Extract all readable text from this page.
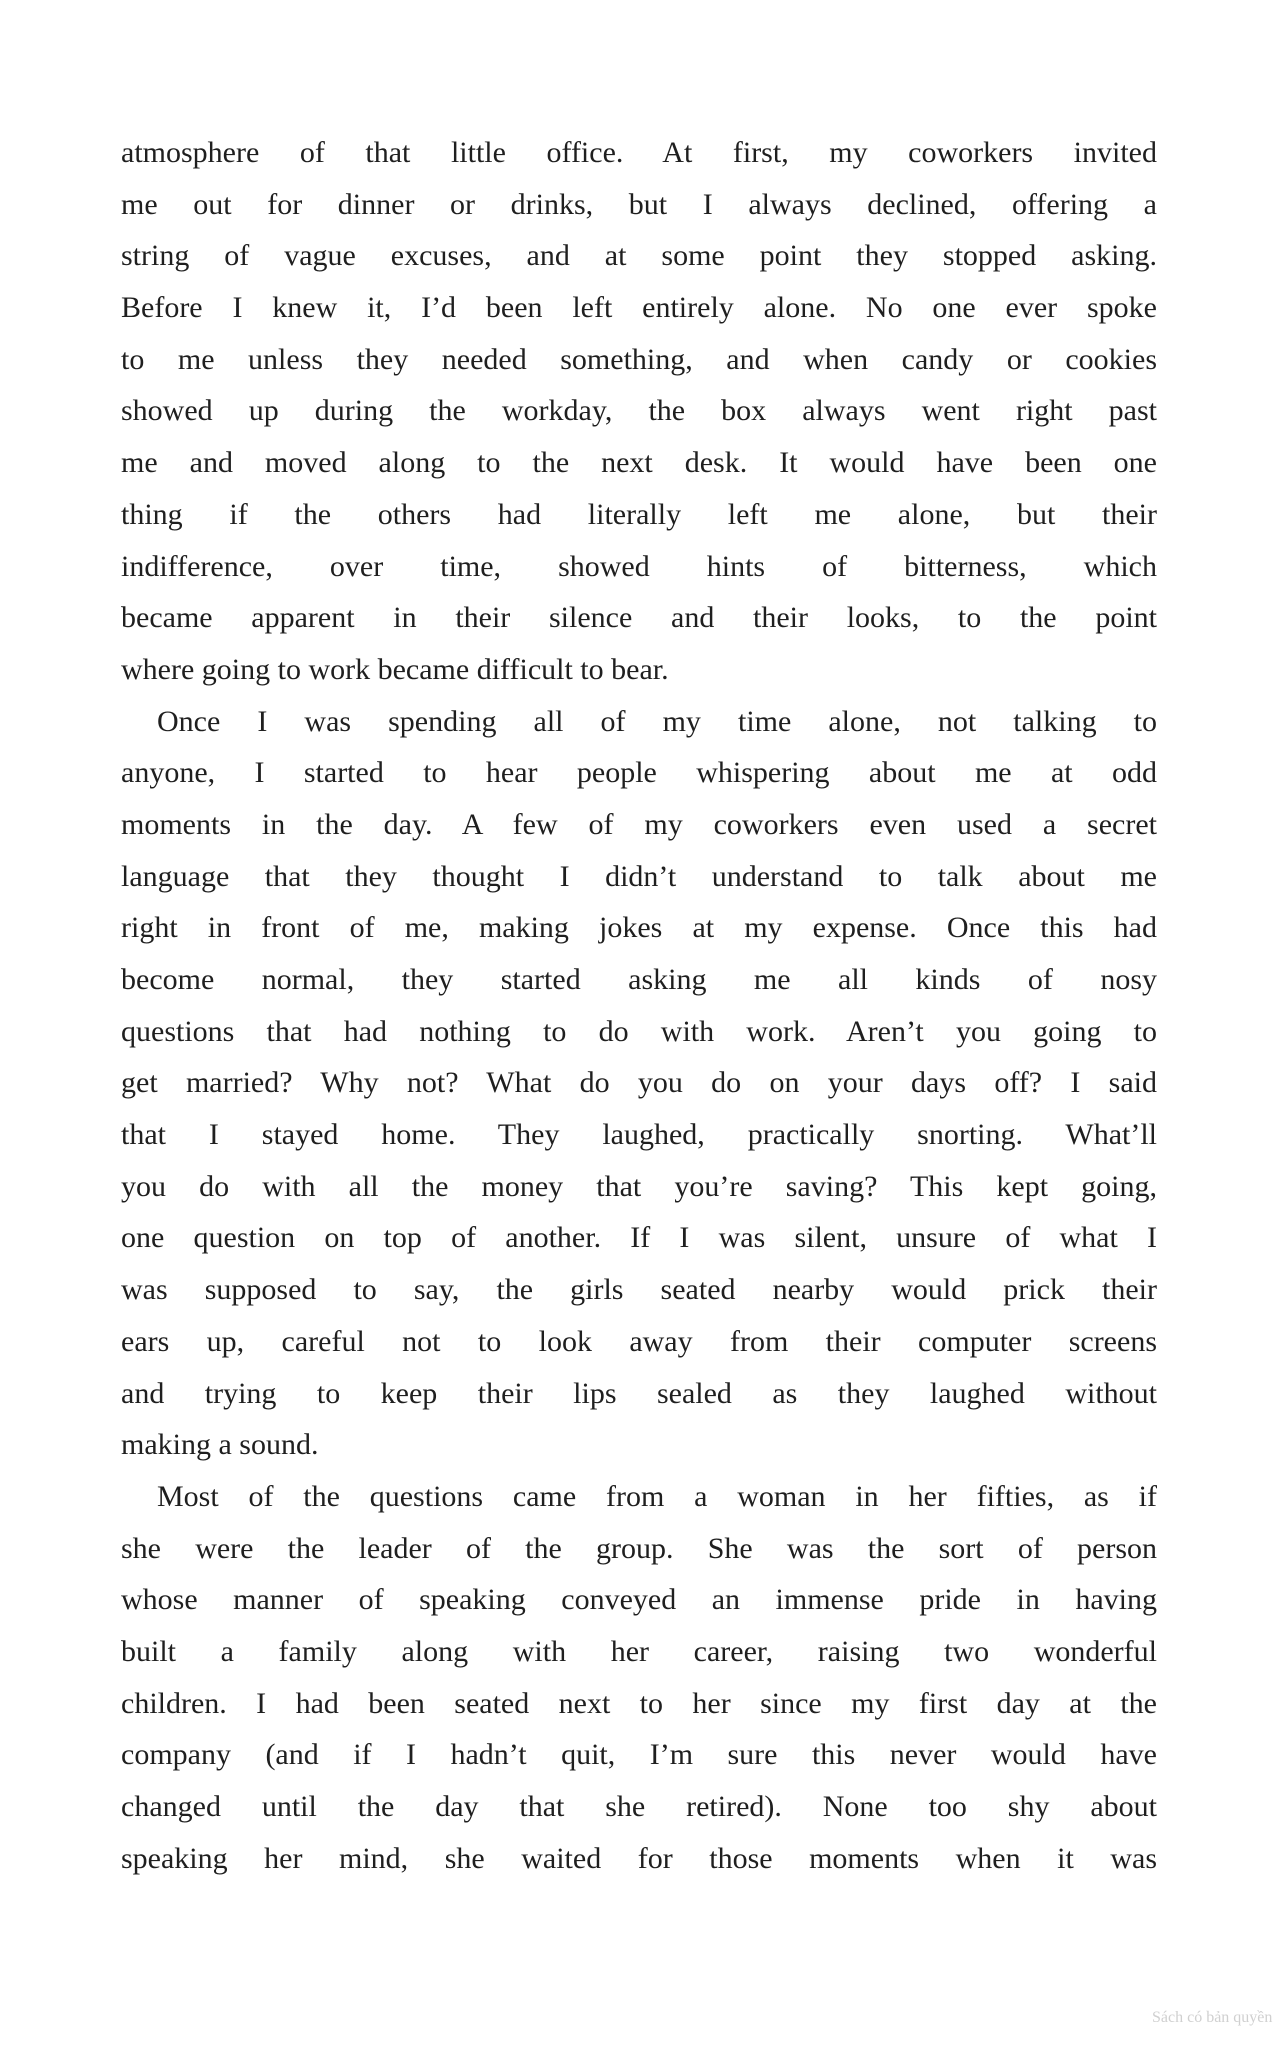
atmosphere of that little office. At first, my coworkers invited
me out for dinner or drinks, but I always declined, offering a
string of vague excuses, and at some point they stopped asking.
Before I knew it, I’d been left entirely alone. No one ever spoke
to me unless they needed something, and when candy or cookies
showed up during the workday, the box always went right past
me and moved along to the next desk. It would have been one
thing if the others had literally left me alone, but their
indifference, over time, showed hints of bitterness, which
became apparent in their silence and their looks, to the point
where going to work became difficult to bear.
Once I was spending all of my time alone, not talking to
anyone, I started to hear people whispering about me at odd
moments in the day. A few of my coworkers even used a secret
language that they thought I didn’t understand to talk about me
right in front of me, making jokes at my expense. Once this had
become normal, they started asking me all kinds of nosy
questions that had nothing to do with work. Aren’t you going to
get married? Why not? What do you do on your days off? I said
that I stayed home. They laughed, practically snorting. What’ll
you do with all the money that you’re saving? This kept going,
one question on top of another. If I was silent, unsure of what I
was supposed to say, the girls seated nearby would prick their
ears up, careful not to look away from their computer screens
and trying to keep their lips sealed as they laughed without
making a sound.
Most of the questions came from a woman in her fifties, as if
she were the leader of the group. She was the sort of person
whose manner of speaking conveyed an immense pride in having
built a family along with her career, raising two wonderful
children. I had been seated next to her since my first day at the
company (and if I hadn’t quit, I’m sure this never would have
changed until the day that she retired). None too shy about
speaking her mind, she waited for those moments when it was
Sách có bản quyền
